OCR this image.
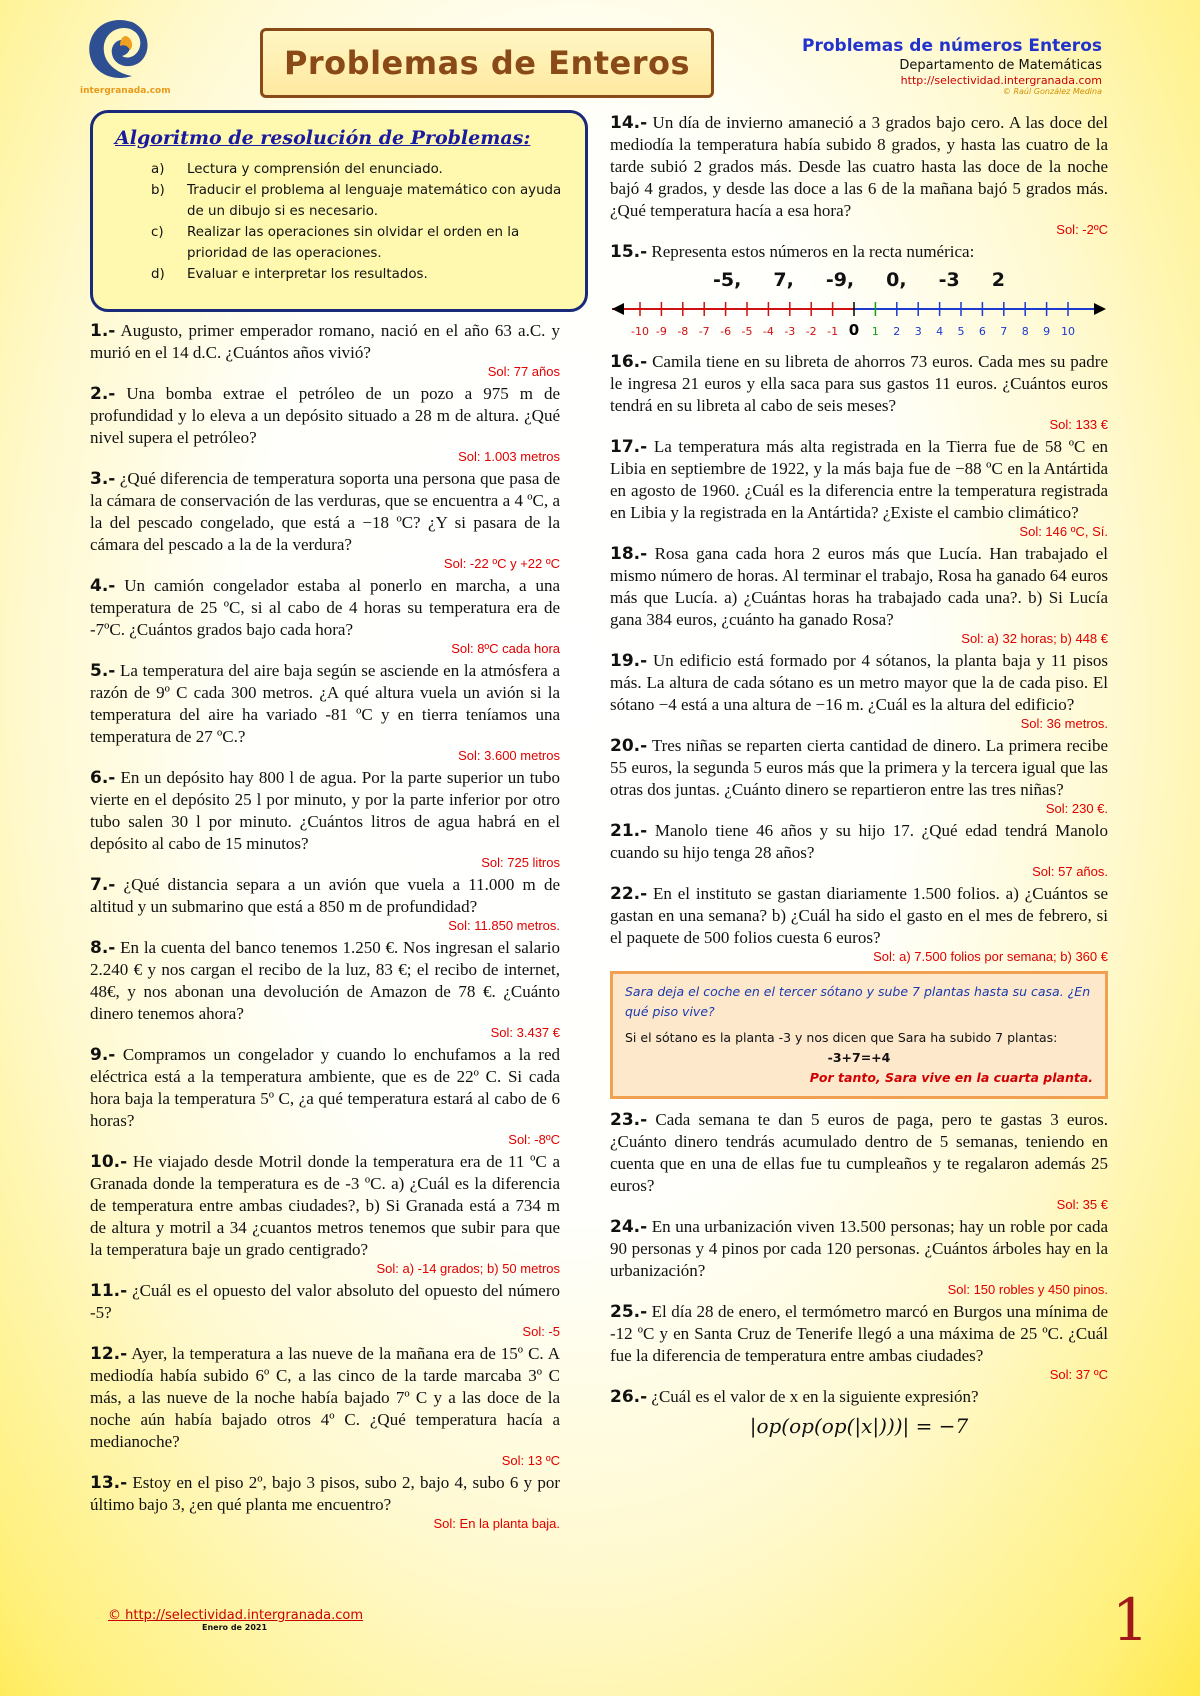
intergranada.com
Problemas de Enteros	Problemas de números Enteros
Departamento de Matemáticas
http://selectividad.intergranada.com
© Raúl González Medina
Algoritmo de resolución de Problemas:
a)	Lectura y comprensión del enunciado.
b)	Traducir el problema al lenguaje matemático con ayuda de un dibujo si es necesario.
c)	Realizar las operaciones sin olvidar el orden en la prioridad de las operaciones.
d)	Evaluar e interpretar los resultados.
1.- Augusto, primer emperador romano, nació en el año 63 a.C. y murió en el 14 d.C. ¿Cuántos años vivió?
Sol: 77 años
2.- Una bomba extrae el petróleo de un pozo a 975 m de profundidad y lo eleva a un depósito situado a 28 m de altura. ¿Qué nivel supera el petróleo?
Sol: 1.003 metros
3.- ¿Qué diferencia de temperatura soporta una persona que pasa de la cámara de conservación de las verduras, que se encuentra a 4 ºC, a la del pescado congelado, que está a −18 ºC? ¿Y si pasara de la cámara del pescado a la de la verdura?
Sol: -22 ºC y +22 ºC
4.- Un camión congelador estaba al ponerlo en marcha, a una temperatura de 25 ºC, si al cabo de 4 horas su temperatura era de -7ºC. ¿Cuántos grados bajo cada hora?
Sol: 8ºC cada hora
5.- La temperatura del aire baja según se asciende en la atmósfera a razón de 9º C cada 300 metros. ¿A qué altura vuela un avión si la temperatura del aire ha variado -81 ºC y en tierra teníamos una temperatura de 27 ºC.?
Sol: 3.600 metros
6.- En un depósito hay 800 l de agua. Por la parte superior un tubo vierte en el depósito 25 l por minuto, y por la parte inferior por otro tubo salen 30 l por minuto. ¿Cuántos litros de agua habrá en el depósito al cabo de 15 minutos?
Sol: 725 litros
7.- ¿Qué distancia separa a un avión que vuela a 11.000 m de altitud y un submarino que está a 850 m de profundidad?
Sol: 11.850 metros.
8.- En la cuenta del banco tenemos 1.250 €. Nos ingresan el salario 2.240 € y nos cargan el recibo de la luz, 83 €; el recibo de internet, 48€, y nos abonan una devolución de Amazon de 78 €. ¿Cuánto dinero tenemos ahora?
Sol: 3.437 €
9.- Compramos un congelador y cuando lo enchufamos a la red eléctrica está a la temperatura ambiente, que es de 22º C. Si cada hora baja la temperatura 5º C, ¿a qué temperatura estará al cabo de 6 horas?
Sol: -8ºC
10.- He viajado desde Motril donde la temperatura era de 11 ºC a Granada donde la temperatura es de -3 ºC. a) ¿Cuál es la diferencia de temperatura entre ambas ciudades?, b) Si Granada está a 734 m de altura y motril a 34 ¿cuantos metros tenemos que subir para que la temperatura baje un grado centigrado?
Sol: a) -14 grados; b) 50 metros
11.- ¿Cuál es el opuesto del valor absoluto del opuesto del número -5?
Sol: -5
12.- Ayer, la temperatura a las nueve de la mañana era de 15º C. A mediodía había subido 6º C, a las cinco de la tarde marcaba 3º C más, a las nueve de la noche había bajado 7º C y a las doce de la noche aún había bajado otros 4º C. ¿Qué temperatura hacía a medianoche?
Sol: 13 ºC
13.- Estoy en el piso 2º, bajo 3 pisos, subo 2, bajo 4, subo 6 y por último bajo 3, ¿en qué planta me encuentro?
Sol: En la planta baja.
14.- Un día de invierno amaneció a 3 grados bajo cero. A las doce del mediodía la temperatura había subido 8 grados, y hasta las cuatro de la tarde subió 2 grados más. Desde las cuatro hasta las doce de la noche bajó 4 grados, y desde las doce a las 6 de la mañana bajó 5 grados más. ¿Qué temperatura hacía a esa hora?
Sol: -2ºC
15.- Representa estos números en la recta numérica:
-5, 7, -9, 0, -3 2
-10 -9 -8 -7 -6 -5 -4 -3 -2 -1 0 1 2 3 4 5 6 7 8 9 10
16.- Camila tiene en su libreta de ahorros 73 euros. Cada mes su padre le ingresa 21 euros y ella saca para sus gastos 11 euros. ¿Cuántos euros tendrá en su libreta al cabo de seis meses?
Sol: 133 €
17.- La temperatura más alta registrada en la Tierra fue de 58 ºC en Libia en septiembre de 1922, y la más baja fue de −88 ºC en la Antártida en agosto de 1960. ¿Cuál es la diferencia entre la temperatura registrada en Libia y la registrada en la Antártida? ¿Existe el cambio climático?
Sol: 146 ºC, Sí.
18.- Rosa gana cada hora 2 euros más que Lucía. Han trabajado el mismo número de horas. Al terminar el trabajo, Rosa ha ganado 64 euros más que Lucía. a) ¿Cuántas horas ha trabajado cada una?. b) Si Lucía gana 384 euros, ¿cuánto ha ganado Rosa?
Sol: a) 32 horas; b) 448 €
19.- Un edificio está formado por 4 sótanos, la planta baja y 11 pisos más. La altura de cada sótano es un metro mayor que la de cada piso. El sótano −4 está a una altura de −16 m. ¿Cuál es la altura del edificio?
Sol: 36 metros.
20.- Tres niñas se reparten cierta cantidad de dinero. La primera recibe 55 euros, la segunda 5 euros más que la primera y la tercera igual que las otras dos juntas. ¿Cuánto dinero se repartieron entre las tres niñas?
Sol: 230 €.
21.- Manolo tiene 46 años y su hijo 17. ¿Qué edad tendrá Manolo cuando su hijo tenga 28 años?
Sol: 57 años.
22.- En el instituto se gastan diariamente 1.500 folios. a) ¿Cuántos se gastan en una semana? b) ¿Cuál ha sido el gasto en el mes de febrero, si el paquete de 500 folios cuesta 6 euros?
Sol: a) 7.500 folios por semana; b) 360 €
Sara deja el coche en el tercer sótano y sube 7 plantas hasta su casa. ¿En qué piso vive?
Si el sótano es la planta -3 y nos dicen que Sara ha subido 7 plantas:
-3+7=+4
Por tanto, Sara vive en la cuarta planta.
23.- Cada semana te dan 5 euros de paga, pero te gastas 3 euros. ¿Cuánto dinero tendrás acumulado dentro de 5 semanas, teniendo en cuenta que en una de ellas fue tu cumpleaños y te regalaron además 25 euros?
Sol: 35 €
24.- En una urbanización viven 13.500 personas; hay un roble por cada 90 personas y 4 pinos por cada 120 personas. ¿Cuántos árboles hay en la urbanización?
Sol: 150 robles y 450 pinos.
25.- El día 28 de enero, el termómetro marcó en Burgos una mínima de -12 ºC y en Santa Cruz de Tenerife llegó a una máxima de 25 ºC. ¿Cuál fue la diferencia de temperatura entre ambas ciudades?
Sol: 37 ºC
26.- ¿Cuál es el valor de x en la siguiente expresión?
|op(op(op(|x|)))| = −7
© http://selectividad.intergranada.com
Enero de 2021	1
